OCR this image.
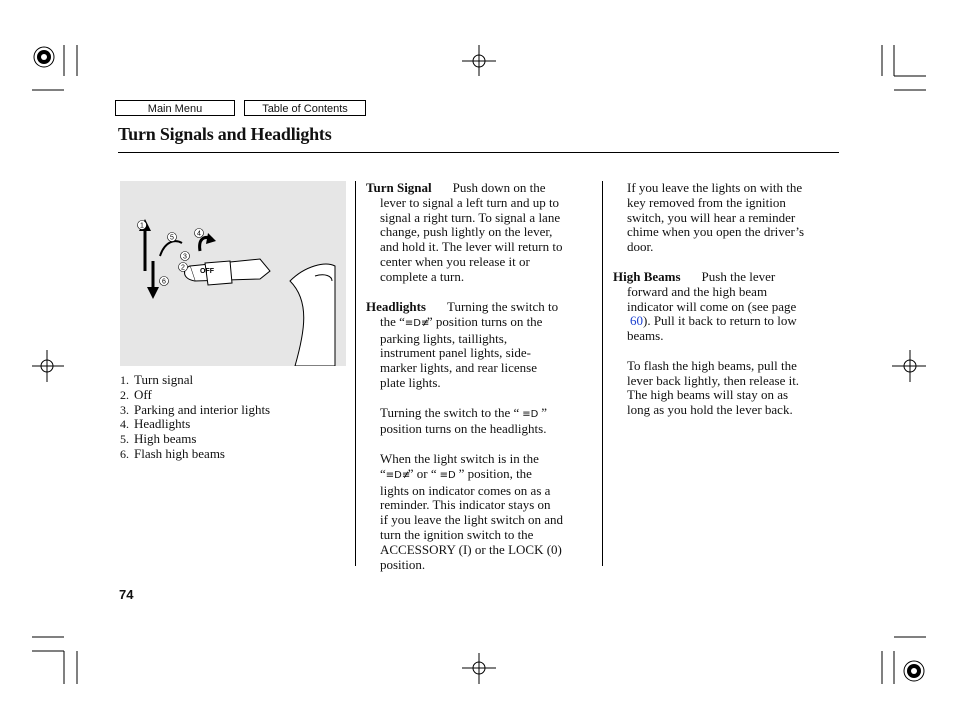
Main Menu	Table of Contents
Turn Signals and Headlights
OFF
1
2
3
4
5
6
1. Turn signal
2. Off
3. Parking and interior lights
4. Headlights
5. High beams
6. Flash high beams

Turn Signal Push down on the

lever to signal a left turn and up to

signal a right turn. To signal a lane

change, push lightly on the lever,

and hold it. The lever will return to

center when you release it or

complete a turn.

Headlights Turning the switch to

the “≡D≢” position turns on the

parking lights, taillights,

instrument panel lights, side-

marker lights, and rear license

plate lights.

Turning the switch to the “ ≡D ”

position turns on the headlights.

When the light switch is in the

“≡D≢” or “ ≡D ” position, the

lights on indicator comes on as a

reminder. This indicator stays on

if you leave the light switch on and

turn the ignition switch to the

ACCESSORY (I) or the LOCK (0)

position.

If you leave the lights on with the

key removed from the ignition

switch, you will hear a reminder

chime when you open the driver’s

door.

High Beams Push the lever

forward and the high beam

indicator will come on (see page

60). Pull it back to return to low

beams.

To flash the high beams, pull the

lever back lightly, then release it.

The high beams will stay on as

long as you hold the lever back.

74
